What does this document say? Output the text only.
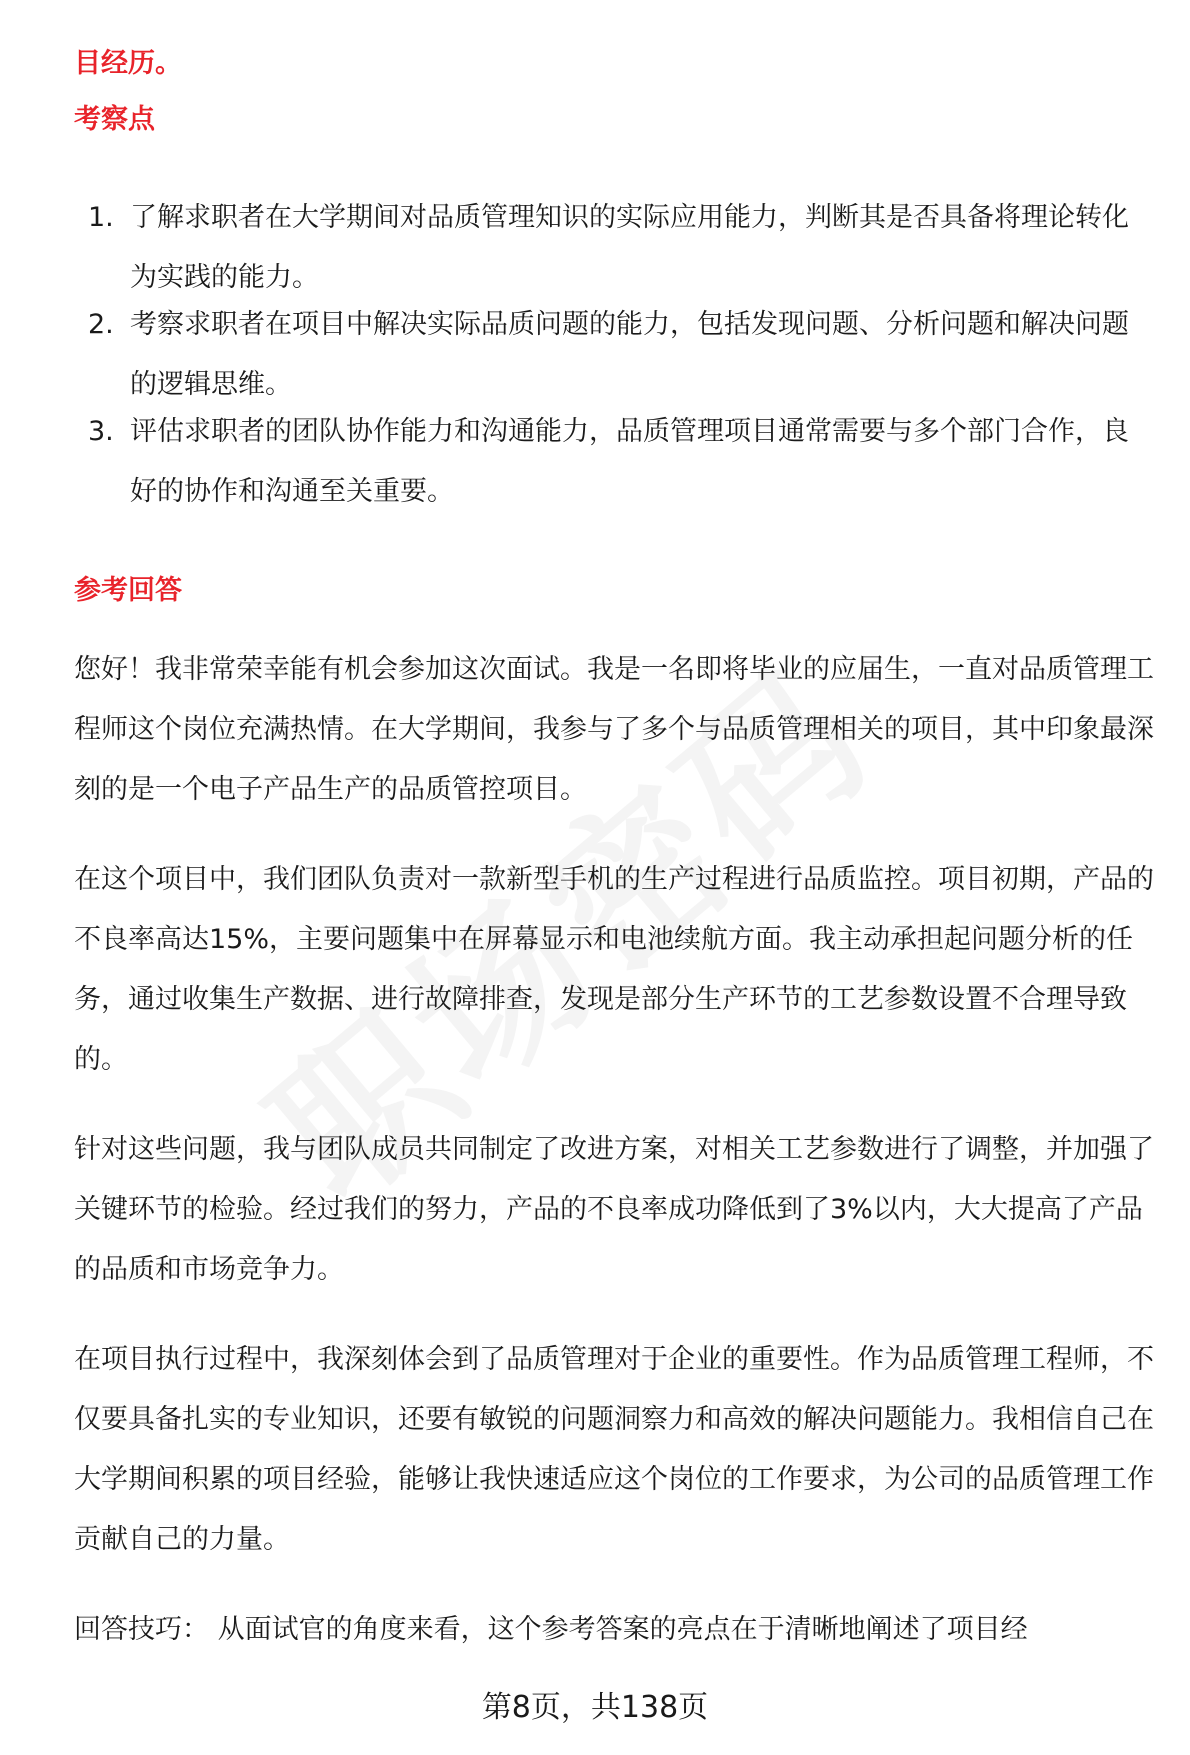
目经历。

考察点

1. 了解求职者在大学期间对品质管理知识的实际应用能力，判断其是否具备将理论转化为实践的能力。
2. 考察求职者在项目中解决实际品质问题的能力，包括发现问题、分析问题和解决问题的逻辑思维。
3. 评估求职者的团队协作能力和沟通能力，品质管理项目通常需要与多个部门合作，良好的协作和沟通至关重要。

参考回答

您好！我非常荣幸能有机会参加这次面试。我是一名即将毕业的应届生，一直对品质管理工程师这个岗位充满热情。在大学期间，我参与了多个与品质管理相关的项目，其中印象最深刻的是一个电子产品生产的品质管控项目。

在这个项目中，我们团队负责对一款新型手机的生产过程进行品质监控。项目初期，产品的不良率高达15%，主要问题集中在屏幕显示和电池续航方面。我主动承担起问题分析的任务，通过收集生产数据、进行故障排查，发现是部分生产环节的工艺参数设置不合理导致的。

针对这些问题，我与团队成员共同制定了改进方案，对相关工艺参数进行了调整，并加强了关键环节的检验。经过我们的努力，产品的不良率成功降低到了3%以内，大大提高了产品的品质和市场竞争力。

在项目执行过程中，我深刻体会到了品质管理对于企业的重要性。作为品质管理工程师，不仅要具备扎实的专业知识，还要有敏锐的问题洞察力和高效的解决问题能力。我相信自己在大学期间积累的项目经验，能够让我快速适应这个岗位的工作要求，为公司的品质管理工作贡献自己的力量。

回答技巧： 从面试官的角度来看，这个参考答案的亮点在于清晰地阐述了项目经

第8页，共138页
